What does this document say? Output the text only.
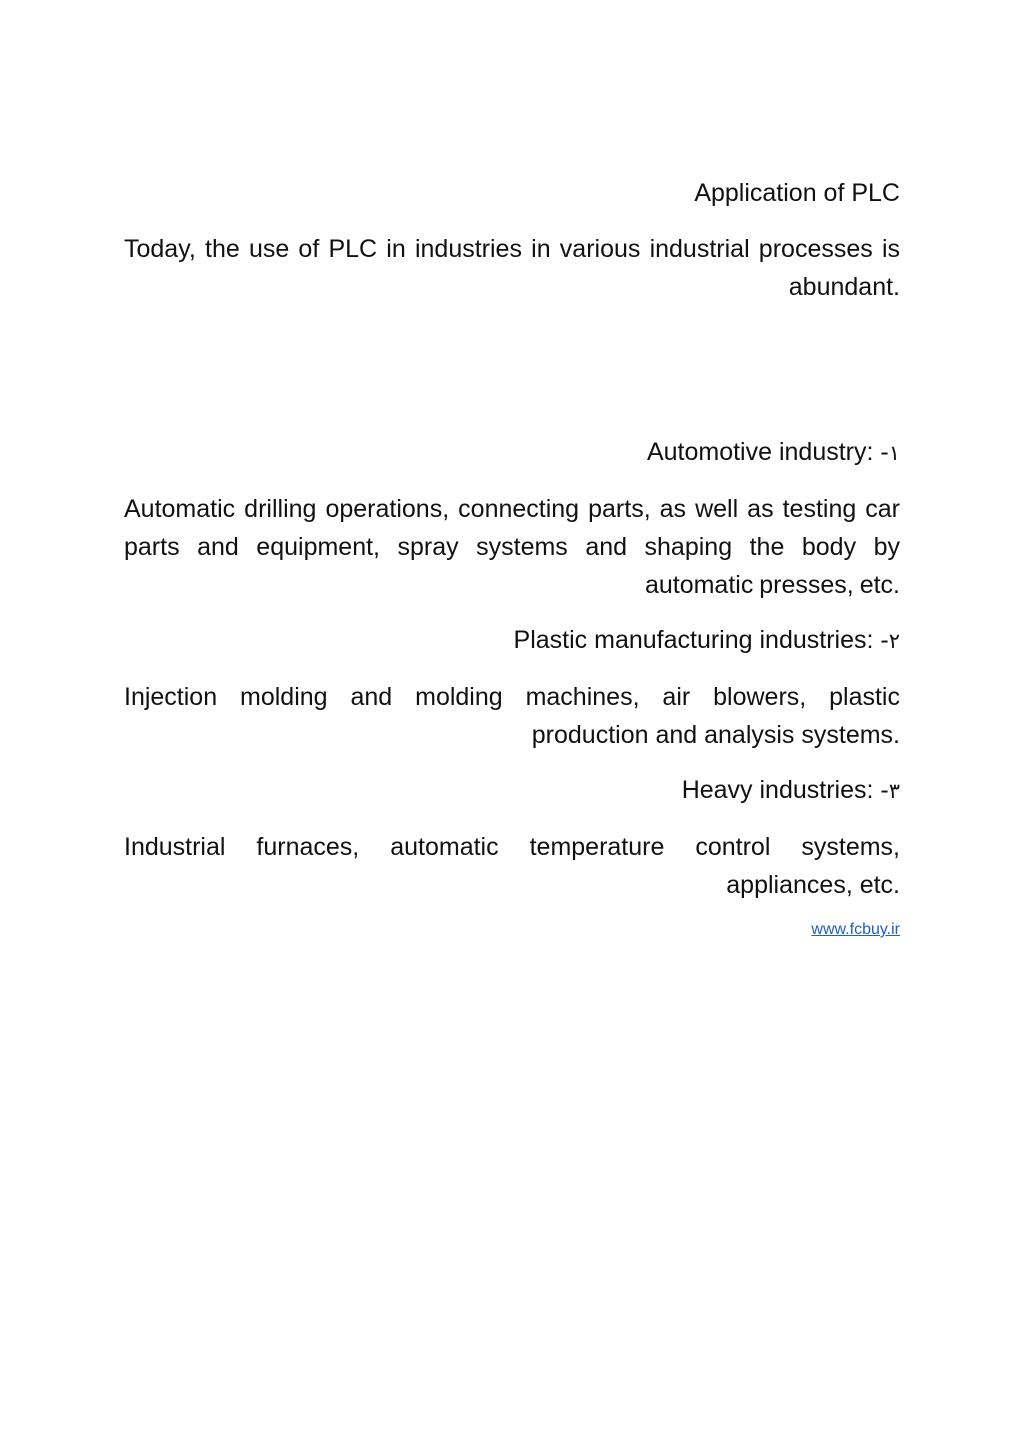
Application of PLC
Today, the use of PLC in industries in various industrial processes is abundant.
Automotive industry: -١
Automatic drilling operations, connecting parts, as well as testing car parts and equipment, spray systems and shaping the body by automatic presses, etc.
Plastic manufacturing industries: -٢
Injection molding and molding machines, air blowers, plastic production and analysis systems.
Heavy industries: -٣
Industrial furnaces, automatic temperature control systems, appliances, etc.
www.fcbuy.ir
